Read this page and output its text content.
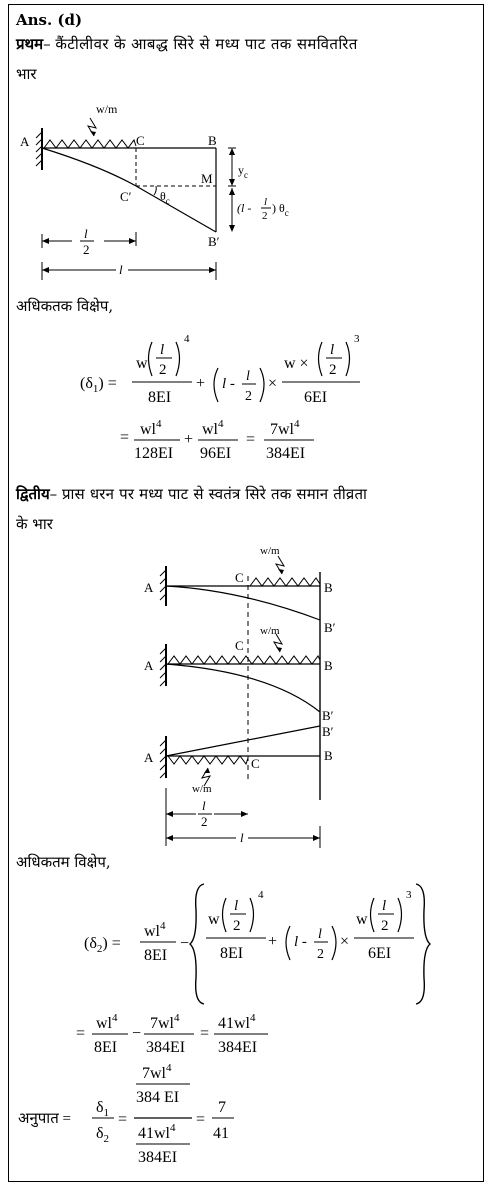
Ans. (d)
प्रथम– कैंटीलीवर के आबद्ध सिरे से मध्य पाट तक समवितरित
भार
A
w/m
C	B
M
C′
B′
$y_c$
$\theta_c$	(l - l
2
) $\theta_c$
l
2
l
अधिकतक विक्षेप,
$(\delta_1)$ =
w
l
2
4
8EI
+ l - l
2
×
w ×
l
2
3
6EI
= $wl^4$
128EI
+
$wl^4$
96EI
=
$7wl^4$
384EI
द्वितीय– प्रास धरन पर मध्य पाट से स्वतंत्र सिरे तक समान तीव्रता
के भार
A
C
B
B′
w/m
A
C
B
B′
w/m
A	C
B
B′
w/m
l
2
l
अधिकतम विक्षेप,
$(\delta_2)$ =
$wl^4$
8EI
−
w
l
2
4
8EI
+ l - l
2
×
w
l
2
3
6EI
=
$wl^4$
8EI
−
$7wl^4$
384EI
=
$41wl^4$
384EI
अनुपात =
$\delta_1$
$\delta_2$
=
$7wl^4$
384 EI
$41wl^4$
384EI
=
7
41
